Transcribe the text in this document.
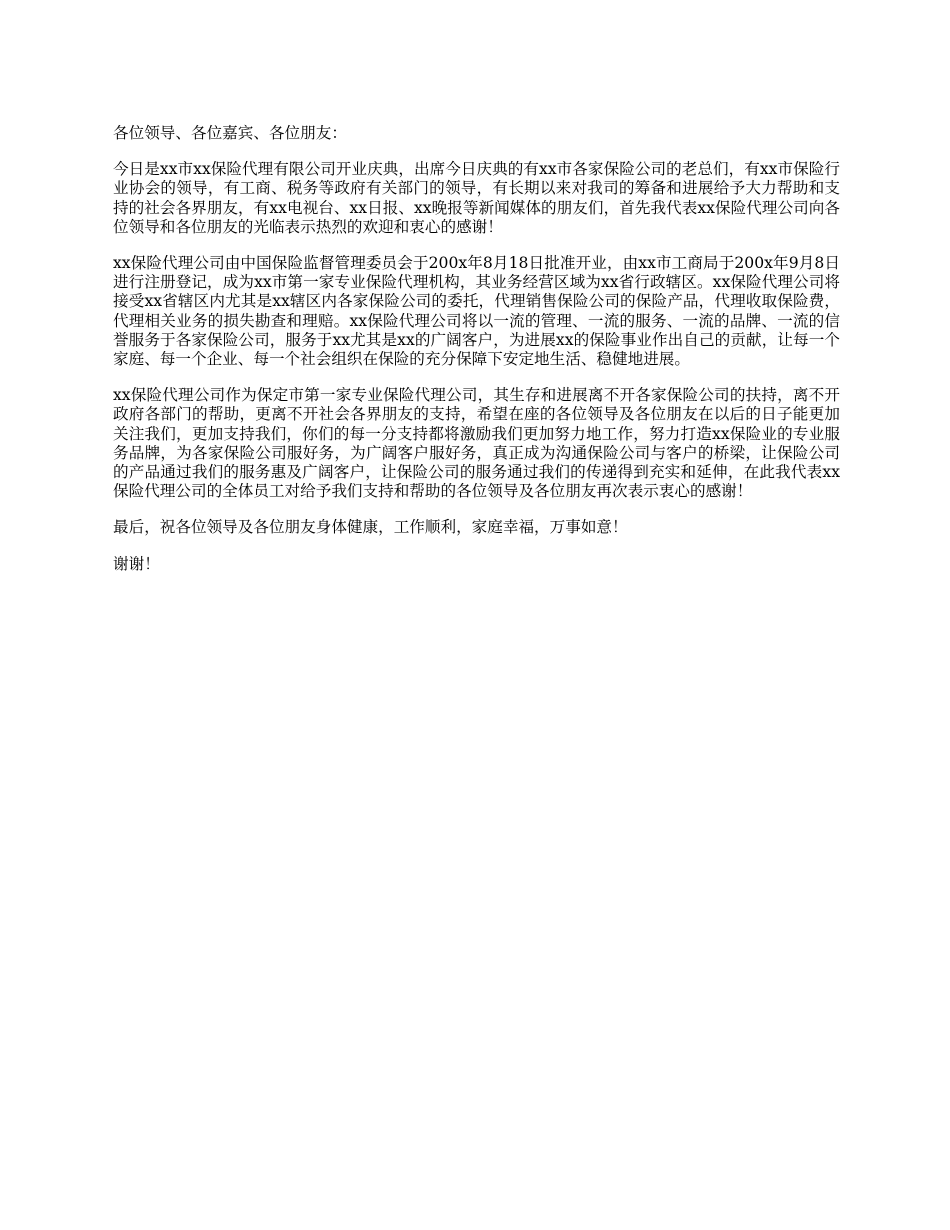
各位领导、各位嘉宾、各位朋友：

今日是xx市xx保险代理有限公司开业庆典，出席今日庆典的有xx市各家保险公司的老总们，有xx市保险行业协会的领导，有工商、税务等政府有关部门的领导，有长期以来对我司的筹备和进展给予大力帮助和支持的社会各界朋友，有xx电视台、xx日报、xx晚报等新闻媒体的朋友们，首先我代表xx保险代理公司向各位领导和各位朋友的光临表示热烈的欢迎和衷心的感谢！

xx保险代理公司由中国保险监督管理委员会于200x年8月18日批准开业，由xx市工商局于200x年9月8日进行注册登记，成为xx市第一家专业保险代理机构，其业务经营区域为xx省行政辖区。xx保险代理公司将接受xx省辖区内尤其是xx辖区内各家保险公司的委托，代理销售保险公司的保险产品，代理收取保险费，代理相关业务的损失勘查和理赔。xx保险代理公司将以一流的管理、一流的服务、一流的品牌、一流的信誉服务于各家保险公司，服务于xx尤其是xx的广阔客户，为进展xx的保险事业作出自己的贡献，让每一个家庭、每一个企业、每一个社会组织在保险的充分保障下安定地生活、稳健地进展。

xx保险代理公司作为保定市第一家专业保险代理公司，其生存和进展离不开各家保险公司的扶持，离不开政府各部门的帮助，更离不开社会各界朋友的支持，希望在座的各位领导及各位朋友在以后的日子能更加关注我们，更加支持我们，你们的每一分支持都将激励我们更加努力地工作，努力打造xx保险业的专业服务品牌，为各家保险公司服好务，为广阔客户服好务，真正成为沟通保险公司与客户的桥梁，让保险公司的产品通过我们的服务惠及广阔客户，让保险公司的服务通过我们的传递得到充实和延伸，在此我代表xx保险代理公司的全体员工对给予我们支持和帮助的各位领导及各位朋友再次表示衷心的感谢！

最后，祝各位领导及各位朋友身体健康，工作顺利，家庭幸福，万事如意！

谢谢！
